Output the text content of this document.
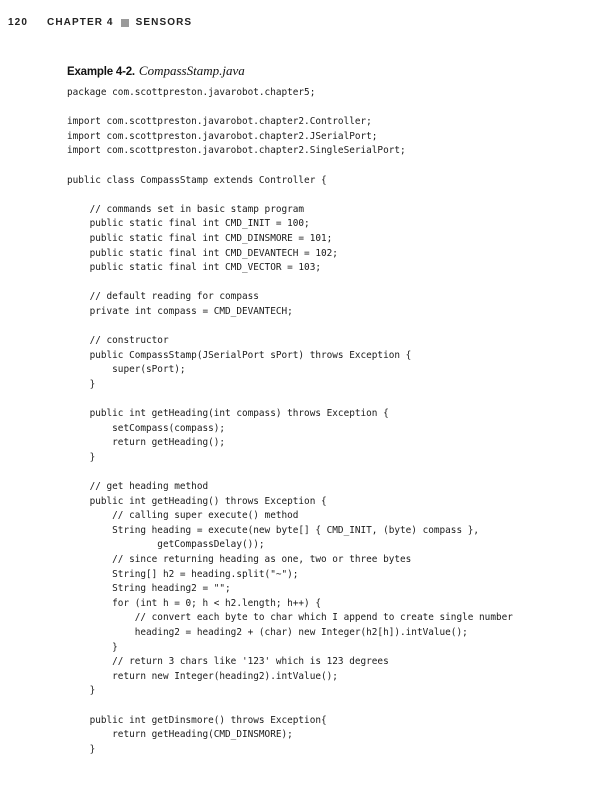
120 CHAPTER 4 SENSORS
Example 4-2. CompassStamp.java
package com.scottpreston.javarobot.chapter5;
import com.scottpreston.javarobot.chapter2.Controller;
import com.scottpreston.javarobot.chapter2.JSerialPort;
import com.scottpreston.javarobot.chapter2.SingleSerialPort;
public class CompassStamp extends Controller {
// commands set in basic stamp program
public static final int CMD_INIT = 100;
public static final int CMD_DINSMORE = 101;
public static final int CMD_DEVANTECH = 102;
public static final int CMD_VECTOR = 103;
// default reading for compass
private int compass = CMD_DEVANTECH;
// constructor
public CompassStamp(JSerialPort sPort) throws Exception {
super(sPort);
}
public int getHeading(int compass) throws Exception {
setCompass(compass);
return getHeading();
}
// get heading method
public int getHeading() throws Exception {
// calling super execute() method
String heading = execute(new byte[] { CMD_INIT, (byte) compass },
getCompassDelay());
// since returning heading as one, two or three bytes
String[] h2 = heading.split("~");
String heading2 = "";
for (int h = 0; h < h2.length; h++) {
// convert each byte to char which I append to create single number
heading2 = heading2 + (char) new Integer(h2[h]).intValue();
}
// return 3 chars like '123' which is 123 degrees
return new Integer(heading2).intValue();
}
public int getDinsmore() throws Exception{
return getHeading(CMD_DINSMORE);
}
